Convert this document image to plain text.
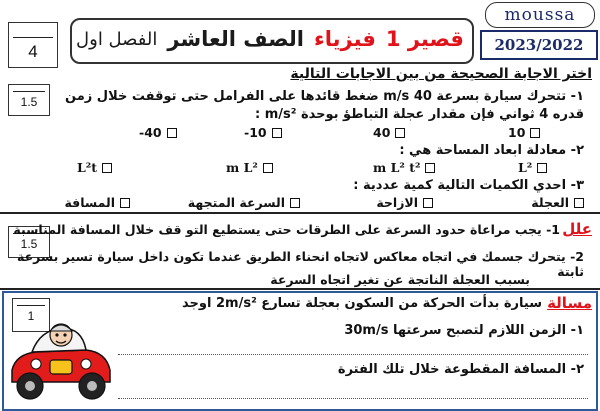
4
قصير 1
فيزياء
الصف العاشر
الفصل اول
moussa
2023/2022
اختر الاجابة الصحيحة من بين الاجابات التالية
1.5	١- تتحرك سيارة بسرعة 40 m/s ضغط قائدها على الفرامل حتى توقفت خلال زمن
قدره 4 ثواني فإن مقدار عجلة التباطؤ بوحدة m/s² :
10
40
-10
-40
٢- معادلة ابعاد المساحة هي :
L²
m L² t²
m L²
L²t
٣- احدي الكميات التالية كمية عددية :
العجلة
الازاحة
السرعة المتجهة
المسافة
1.5
علل
1- يجب مراعاة حدود السرعة على الطرقات حتى يستطيع التو قف خلال المسافة المناسبة
2- يتحرك جسمك في اتجاه معاكس لاتجاه انحناء الطريق عندما تكون داخل سيارة تسير بسرعة ثابتة
بسبب العجلة الناتجة عن تغير اتجاه السرعة
1
مسالة
سيارة بدأت الحركة من السكون بعجلة تسارع 2m/s² اوجد
١- الزمن اللازم لتصبح سرعتها 30m/s
٢- المسافة المقطوعة خلال تلك الفترة
